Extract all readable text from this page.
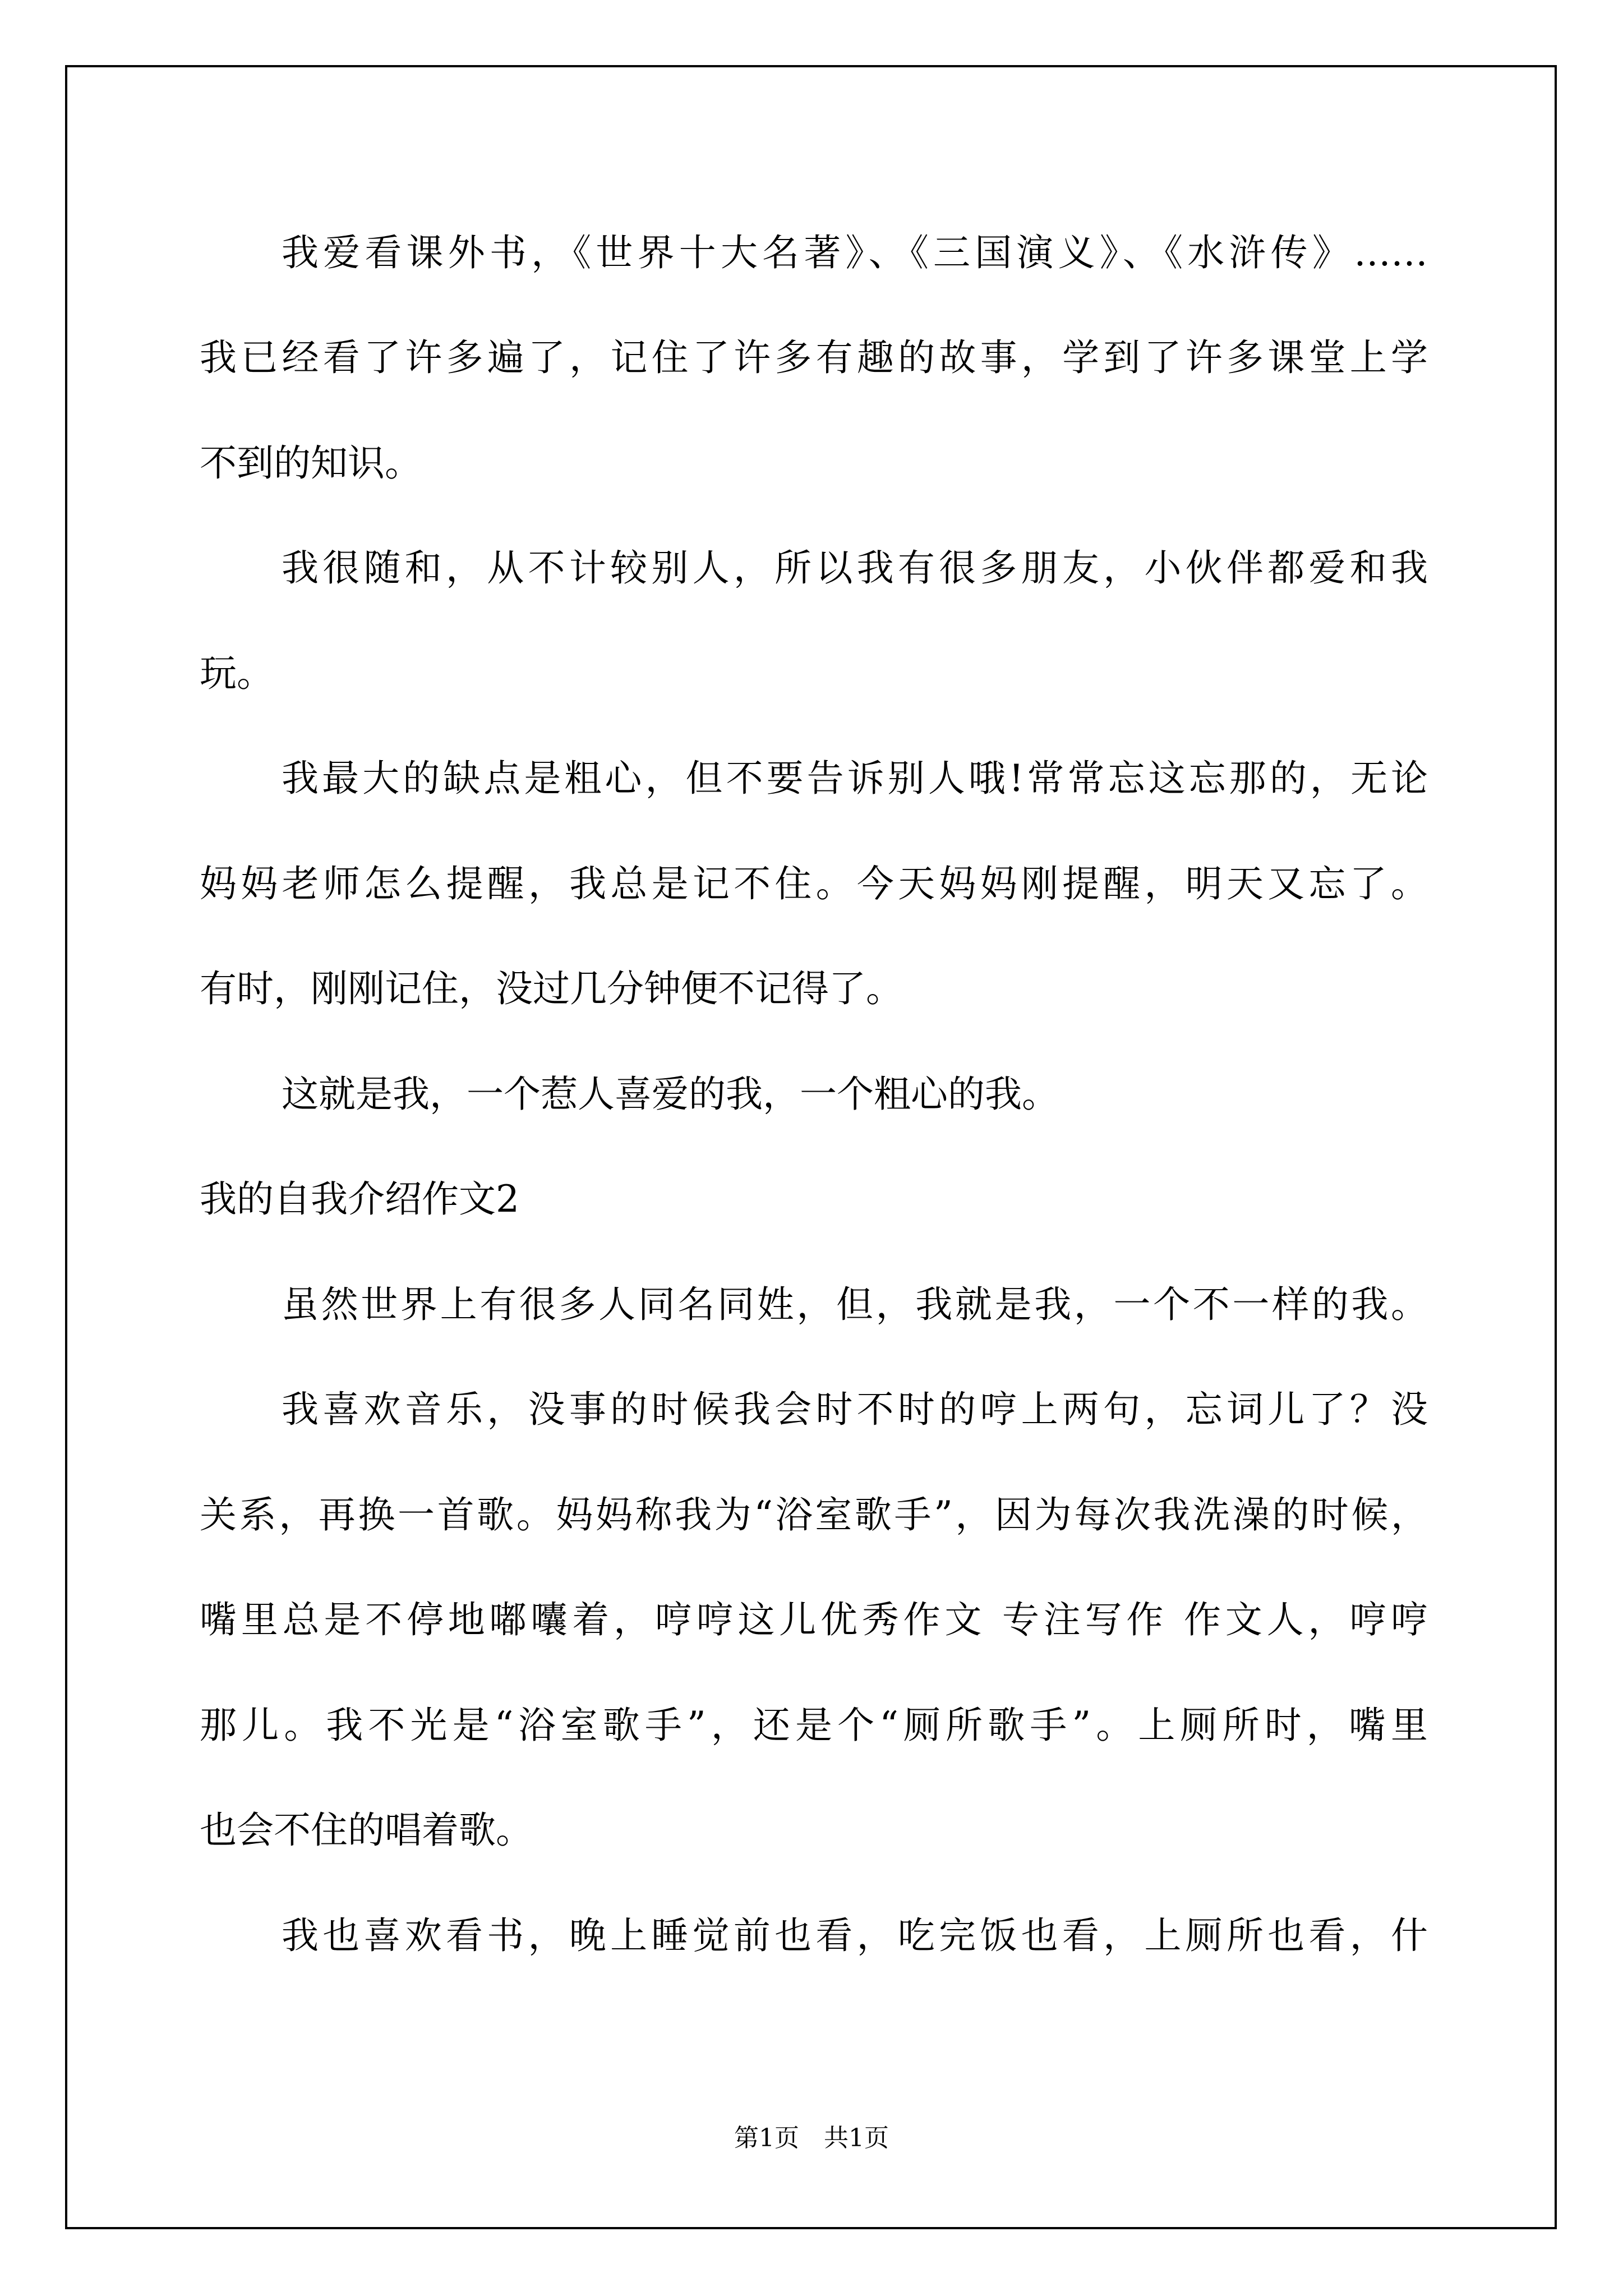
我爱看课外书，《世界十大名著》、《三国演义》、《水浒传》……
我已经看了许多遍了，记住了许多有趣的故事，学到了许多课堂上学
不到的知识。
我很随和，从不计较别人，所以我有很多朋友，小伙伴都爱和我
玩。
我最大的缺点是粗心，但不要告诉别人哦!常常忘这忘那的，无论
妈妈老师怎么提醒，我总是记不住。今天妈妈刚提醒，明天又忘了。
有时，刚刚记住，没过几分钟便不记得了。
这就是我，一个惹人喜爱的我，一个粗心的我。
我的自我介绍作文2
虽然世界上有很多人同名同姓，但，我就是我，一个不一样的我。
我喜欢音乐，没事的时候我会时不时的哼上两句，忘词儿了？没
关系，再换一首歌。妈妈称我为“浴室歌手”，因为每次我洗澡的时候，
嘴里总是不停地嘟囔着，哼哼这儿优秀作文 专注写作 作文人，哼哼
那儿。我不光是“浴室歌手”，还是个“厕所歌手”。上厕所时，嘴里
也会不住的唱着歌。
我也喜欢看书，晚上睡觉前也看，吃完饭也看，上厕所也看，什
第1页　共1页
